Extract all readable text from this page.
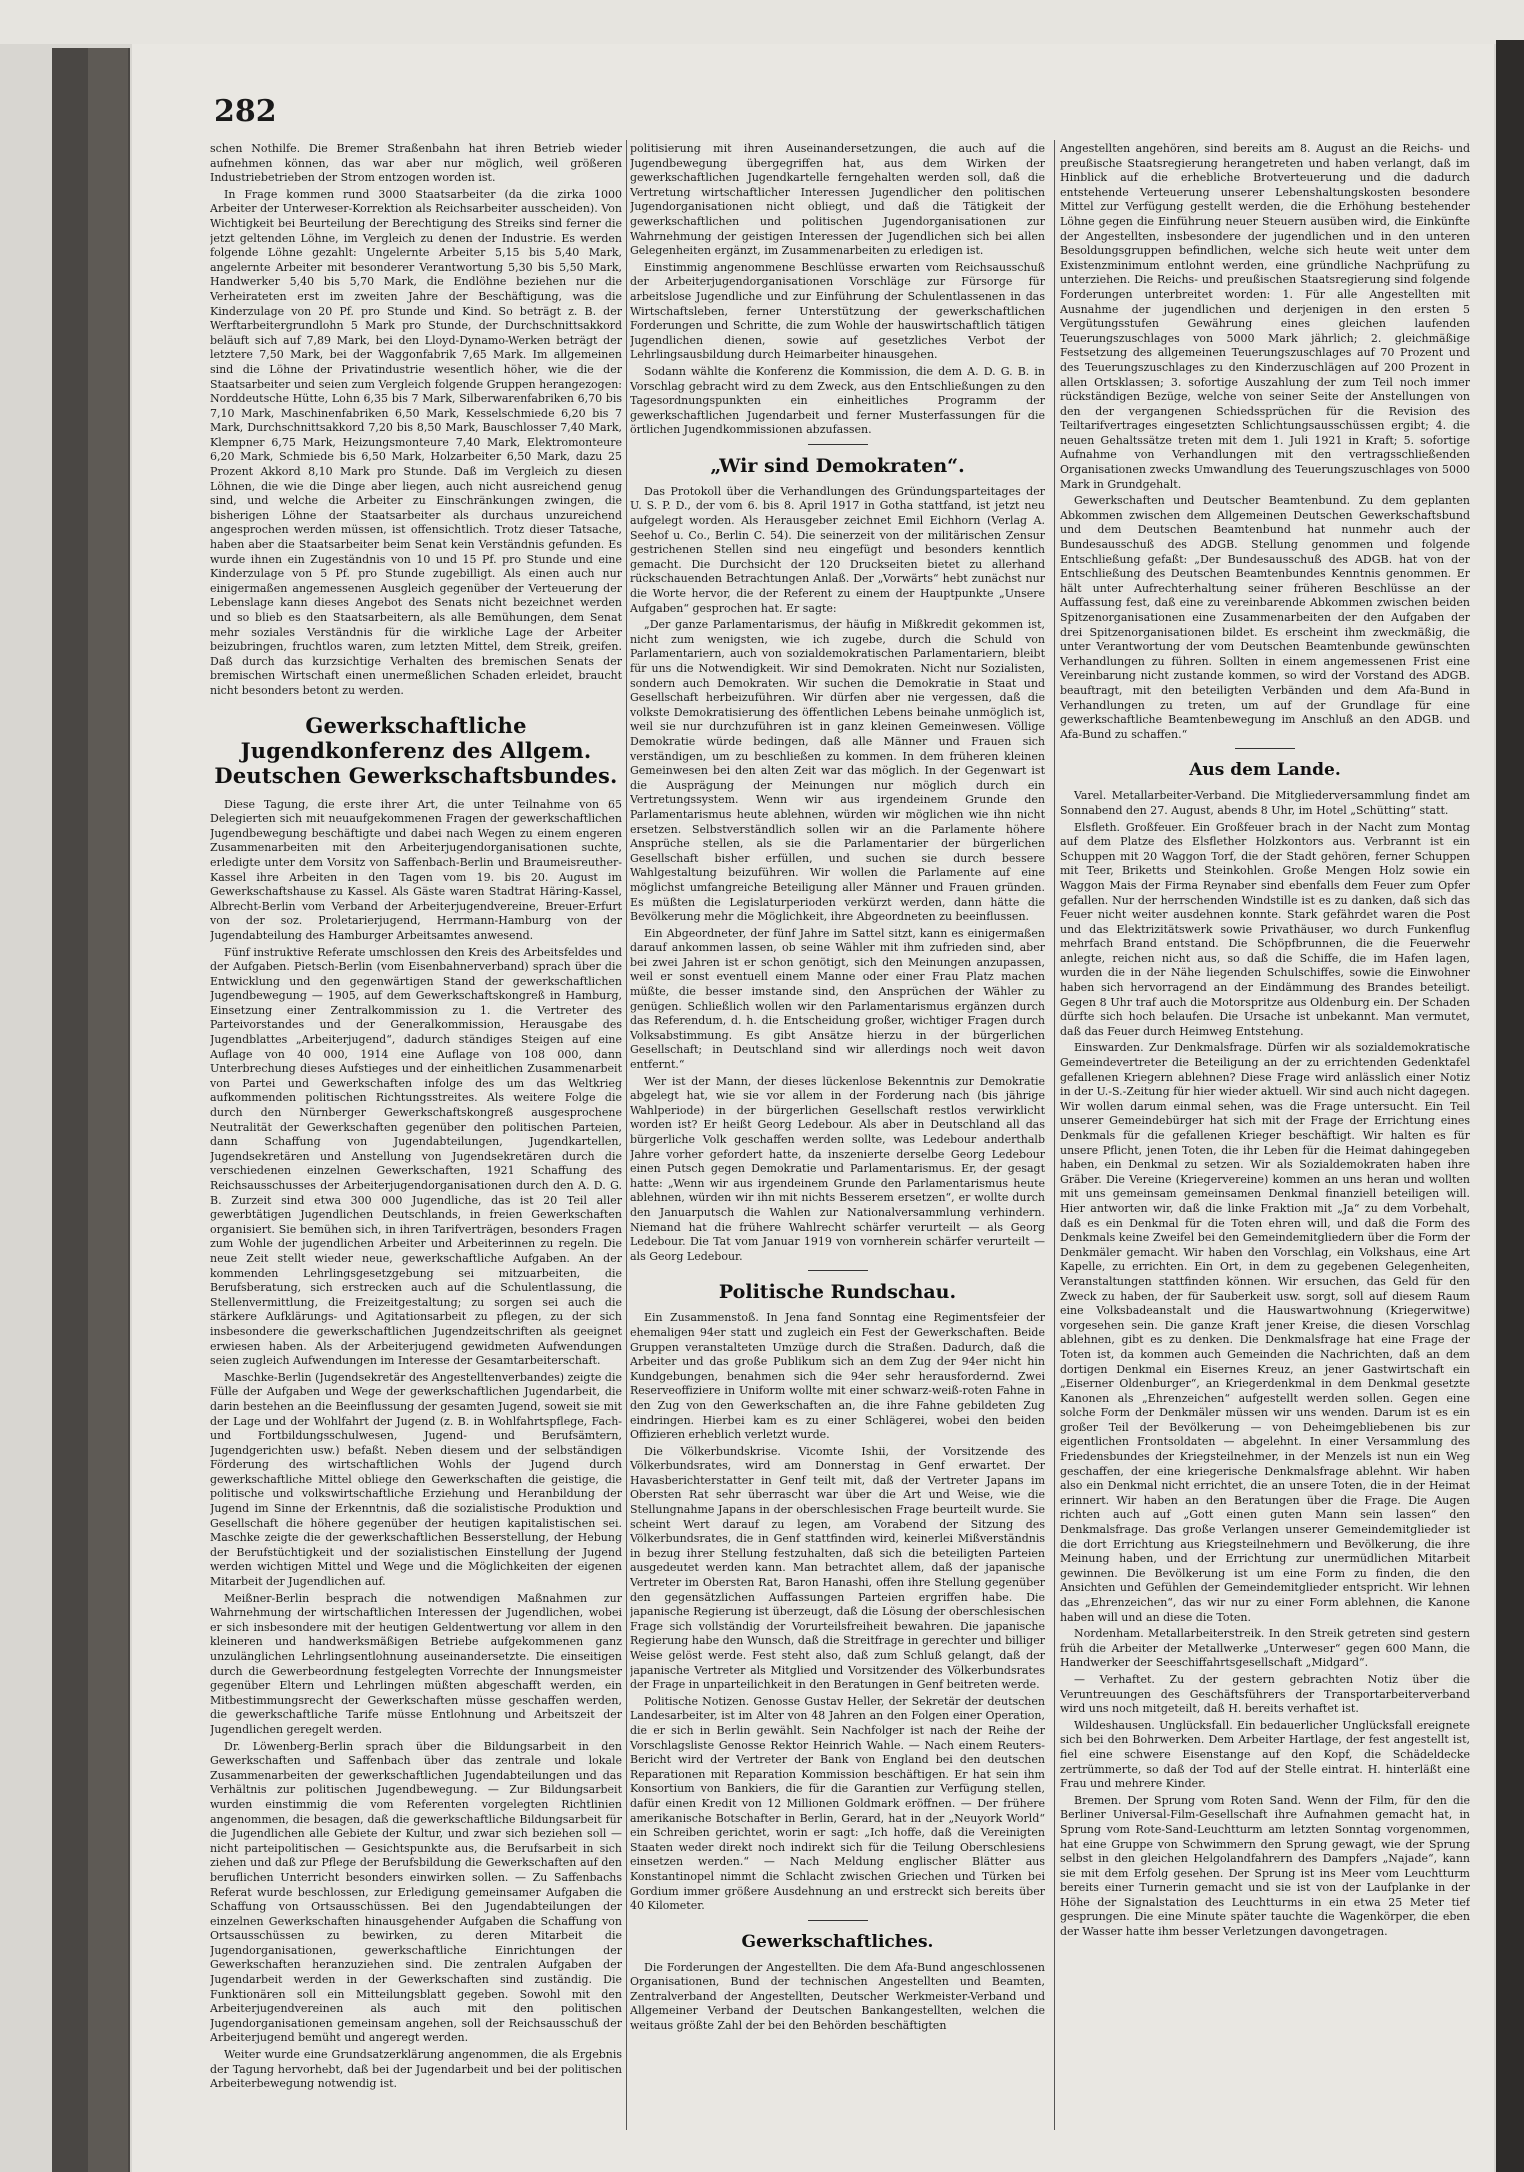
282

schen Nothilfe. Die Bremer Straßenbahn hat ihren Betrieb wieder aufnehmen können, das war aber nur möglich, weil größeren Industriebetrieben der Strom entzogen worden ist.

In Frage kommen rund 3000 Staatsarbeiter (da die zirka 1000 Arbeiter der Unterweser-Korrektion als Reichsarbeiter ausscheiden). Von Wichtigkeit bei Beurteilung der Berechtigung des Streiks sind ferner die jetzt geltenden Löhne, im Vergleich zu denen der Industrie. Es werden folgende Löhne gezahlt: Ungelernte Arbeiter 5,15 bis 5,40 Mark, angelernte Arbeiter mit besonderer Verantwortung 5,30 bis 5,50 Mark, Handwerker 5,40 bis 5,70 Mark, die Endlöhne beziehen nur die Verheirateten erst im zweiten Jahre der Beschäftigung, was die Kinderzulage von 20 Pf. pro Stunde und Kind. So beträgt z. B. der Werftarbeitergrundlohn 5 Mark pro Stunde, der Durchschnittsakkord beläuft sich auf 7,89 Mark, bei den Lloyd-Dynamo-Werken beträgt der letztere 7,50 Mark, bei der Waggonfabrik 7,65 Mark. Im allgemeinen sind die Löhne der Privatindustrie wesentlich höher, wie die der Staatsarbeiter und seien zum Vergleich folgende Gruppen herangezogen: Norddeutsche Hütte, Lohn 6,35 bis 7 Mark, Silberwarenfabriken 6,70 bis 7,10 Mark, Maschinenfabriken 6,50 Mark, Kesselschmiede 6,20 bis 7 Mark, Durchschnittsakkord 7,20 bis 8,50 Mark, Bauschlosser 7,40 Mark, Klempner 6,75 Mark, Heizungsmonteure 7,40 Mark, Elektromonteure 6,20 Mark, Schmiede bis 6,50 Mark, Holzarbeiter 6,50 Mark, dazu 25 Prozent Akkord 8,10 Mark pro Stunde. Daß im Vergleich zu diesen Löhnen, die wie die Dinge aber liegen, auch nicht ausreichend genug sind, und welche die Arbeiter zu Einschränkungen zwingen, die bisherigen Löhne der Staatsarbeiter als durchaus unzureichend angesprochen werden müssen, ist offensichtlich. Trotz dieser Tatsache, haben aber die Staatsarbeiter beim Senat kein Verständnis gefunden. Es wurde ihnen ein Zugeständnis von 10 und 15 Pf. pro Stunde und eine Kinderzulage von 5 Pf. pro Stunde zugebilligt. Als einen auch nur einigermaßen angemessenen Ausgleich gegenüber der Verteuerung der Lebenslage kann dieses Angebot des Senats nicht bezeichnet werden und so blieb es den Staatsarbeitern, als alle Bemühungen, dem Senat mehr soziales Verständnis für die wirkliche Lage der Arbeiter beizubringen, fruchtlos waren, zum letzten Mittel, dem Streik, greifen. Daß durch das kurzsichtige Verhalten des bremischen Senats der bremischen Wirtschaft einen unermeßlichen Schaden erleidet, braucht nicht besonders betont zu werden.

Gewerkschaftliche Jugendkonferenz des Allgem. Deutschen Gewerkschaftsbundes.

Diese Tagung, die erste ihrer Art, die unter Teilnahme von 65 Delegierten sich mit neuaufgekommenen Fragen der gewerkschaftlichen Jugendbewegung beschäftigte und dabei nach Wegen zu einem engeren Zusammenarbeiten mit den Arbeiterjugendorganisationen suchte, erledigte unter dem Vorsitz von Saffenbach-Berlin und Braumeisreuther-Kassel ihre Arbeiten in den Tagen vom 19. bis 20. August im Gewerkschaftshause zu Kassel. Als Gäste waren Stadtrat Häring-Kassel, Albrecht-Berlin vom Verband der Arbeiterjugendvereine, Breuer-Erfurt von der soz. Proletarierjugend, Herrmann-Hamburg von der Jugendabteilung des Hamburger Arbeitsamtes anwesend.

Fünf instruktive Referate umschlossen den Kreis des Arbeitsfeldes und der Aufgaben. Pietsch-Berlin (vom Eisenbahnerverband) sprach über die Entwicklung und den gegenwärtigen Stand der gewerkschaftlichen Jugendbewegung — 1905, auf dem Gewerkschaftskongreß in Hamburg, Einsetzung einer Zentralkommission zu 1. die Vertreter des Parteivorstandes und der Generalkommission, Herausgabe des Jugendblattes „Arbeiterjugend“, dadurch ständiges Steigen auf eine Auflage von 40 000, 1914 eine Auflage von 108 000, dann Unterbrechung dieses Aufstieges und der einheitlichen Zusammenarbeit von Partei und Gewerkschaften infolge des um das Weltkrieg aufkommenden politischen Richtungsstreites. Als weitere Folge die durch den Nürnberger Gewerkschaftskongreß ausgesprochene Neutralität der Gewerkschaften gegenüber den politischen Parteien, dann Schaffung von Jugendabteilungen, Jugendkartellen, Jugendsekretären und Anstellung von Jugendsekretären durch die verschiedenen einzelnen Gewerkschaften, 1921 Schaffung des Reichsausschusses der Arbeiterjugendorganisationen durch den A. D. G. B. Zurzeit sind etwa 300 000 Jugendliche, das ist 20 Teil aller gewerbtätigen Jugendlichen Deutschlands, in freien Gewerkschaften organisiert. Sie bemühen sich, in ihren Tarifverträgen, besonders Fragen zum Wohle der jugendlichen Arbeiter und Arbeiterinnen zu regeln. Die neue Zeit stellt wieder neue, gewerkschaftliche Aufgaben. An der kommenden Lehrlingsgesetzgebung sei mitzuarbeiten, die Berufsberatung, sich erstrecken auch auf die Schulentlassung, die Stellenvermittlung, die Freizeitgestaltung; zu sorgen sei auch die stärkere Aufklärungs- und Agitationsarbeit zu pflegen, zu der sich insbesondere die gewerkschaftlichen Jugendzeitschriften als geeignet erwiesen haben. Als der Arbeiterjugend gewidmeten Aufwendungen seien zugleich Aufwendungen im Interesse der Gesamtarbeiterschaft.

Maschke-Berlin (Jugendsekretär des Angestelltenverbandes) zeigte die Fülle der Aufgaben und Wege der gewerkschaftlichen Jugendarbeit, die darin bestehen an die Beeinflussung der gesamten Jugend, soweit sie mit der Lage und der Wohlfahrt der Jugend (z. B. in Wohlfahrtspflege, Fach- und Fortbildungsschulwesen, Jugend- und Berufsämtern, Jugendgerichten usw.) befaßt. Neben diesem und der selbständigen Förderung des wirtschaftlichen Wohls der Jugend durch gewerkschaftliche Mittel obliege den Gewerkschaften die geistige, die politische und volkswirtschaftliche Erziehung und Heranbildung der Jugend im Sinne der Erkenntnis, daß die sozialistische Produktion und Gesellschaft die höhere gegenüber der heutigen kapitalistischen sei. Maschke zeigte die der gewerkschaftlichen Besserstellung, der Hebung der Berufstüchtigkeit und der sozialistischen Einstellung der Jugend werden wichtigen Mittel und Wege und die Möglichkeiten der eigenen Mitarbeit der Jugendlichen auf.

Meißner-Berlin besprach die notwendigen Maßnahmen zur Wahrnehmung der wirtschaftlichen Interessen der Jugendlichen, wobei er sich insbesondere mit der heutigen Geldentwertung vor allem in den kleineren und handwerksmäßigen Betriebe aufgekommenen ganz unzulänglichen Lehrlingsentlohnung auseinandersetzte. Die einseitigen durch die Gewerbeordnung festgelegten Vorrechte der Innungsmeister gegenüber Eltern und Lehrlingen müßten abgeschafft werden, ein Mitbestimmungsrecht der Gewerkschaften müsse geschaffen werden, die gewerkschaftliche Tarife müsse Entlohnung und Arbeitszeit der Jugendlichen geregelt werden.

Dr. Löwenberg-Berlin sprach über die Bildungsarbeit in den Gewerkschaften und Saffenbach über das zentrale und lokale Zusammenarbeiten der gewerkschaftlichen Jugendabteilungen und das Verhältnis zur politischen Jugendbewegung. — Zur Bildungsarbeit wurden einstimmig die vom Referenten vorgelegten Richtlinien angenommen, die besagen, daß die gewerkschaftliche Bildungsarbeit für die Jugendlichen alle Gebiete der Kultur, und zwar sich beziehen soll — nicht parteipolitischen — Gesichtspunkte aus, die Berufsarbeit in sich ziehen und daß zur Pflege der Berufsbildung die Gewerkschaften auf den beruflichen Unterricht besonders einwirken sollen. — Zu Saffenbachs Referat wurde beschlossen, zur Erledigung gemeinsamer Aufgaben die Schaffung von Ortsausschüssen. Bei den Jugendabteilungen der einzelnen Gewerkschaften hinausgehender Aufgaben die Schaffung von Ortsausschüssen zu bewirken, zu deren Mitarbeit die Jugendorganisationen, gewerkschaftliche Einrichtungen der Gewerkschaften heranzuziehen sind. Die zentralen Aufgaben der Jugendarbeit werden in der Gewerkschaften sind zuständig. Die Funktionären soll ein Mitteilungsblatt gegeben. Sowohl mit den Arbeiterjugendvereinen als auch mit den politischen Jugendorganisationen gemeinsam angehen, soll der Reichsausschuß der Arbeiterjugend bemüht und angeregt werden.

Weiter wurde eine Grundsatzerklärung angenommen, die als Ergebnis der Tagung hervorhebt, daß bei der Jugendarbeit und bei der politischen Arbeiterbewegung notwendig ist.

politisierung mit ihren Auseinandersetzungen, die auch auf die Jugendbewegung übergegriffen hat, aus dem Wirken der gewerkschaftlichen Jugendkartelle ferngehalten werden soll, daß die Vertretung wirtschaftlicher Interessen Jugendlicher den politischen Jugendorganisationen nicht obliegt, und daß die Tätigkeit der gewerkschaftlichen und politischen Jugendorganisationen zur Wahrnehmung der geistigen Interessen der Jugendlichen sich bei allen Gelegenheiten ergänzt, im Zusammenarbeiten zu erledigen ist.

Einstimmig angenommene Beschlüsse erwarten vom Reichsausschuß der Arbeiterjugendorganisationen Vorschläge zur Fürsorge für arbeitslose Jugendliche und zur Einführung der Schulentlassenen in das Wirtschaftsleben, ferner Unterstützung der gewerkschaftlichen Forderungen und Schritte, die zum Wohle der hauswirtschaftlich tätigen Jugendlichen dienen, sowie auf gesetzliches Verbot der Lehrlingsausbildung durch Heimarbeiter hinausgehen.

Sodann wählte die Konferenz die Kommission, die dem A. D. G. B. in Vorschlag gebracht wird zu dem Zweck, aus den Entschließungen zu den Tagesordnungspunkten ein einheitliches Programm der gewerkschaftlichen Jugendarbeit und ferner Musterfassungen für die örtlichen Jugendkommissionen abzufassen.

„Wir sind Demokraten“.

Das Protokoll über die Verhandlungen des Gründungsparteitages der U. S. P. D., der vom 6. bis 8. April 1917 in Gotha stattfand, ist jetzt neu aufgelegt worden. Als Herausgeber zeichnet Emil Eichhorn (Verlag A. Seehof u. Co., Berlin C. 54). Die seinerzeit von der militärischen Zensur gestrichenen Stellen sind neu eingefügt und besonders kenntlich gemacht. Die Durchsicht der 120 Druckseiten bietet zu allerhand rückschauenden Betrachtungen Anlaß. Der „Vorwärts“ hebt zunächst nur die Worte hervor, die der Referent zu einem der Hauptpunkte „Unsere Aufgaben“ gesprochen hat. Er sagte:

„Der ganze Parlamentarismus, der häufig in Mißkredit gekommen ist, nicht zum wenigsten, wie ich zugebe, durch die Schuld von Parlamentariern, auch von sozialdemokratischen Parlamentariern, bleibt für uns die Notwendigkeit. Wir sind Demokraten. Nicht nur Sozialisten, sondern auch Demokraten. Wir suchen die Demokratie in Staat und Gesellschaft herbeizuführen. Wir dürfen aber nie vergessen, daß die volkste Demokratisierung des öffentlichen Lebens beinahe unmöglich ist, weil sie nur durchzuführen ist in ganz kleinen Gemeinwesen. Völlige Demokratie würde bedingen, daß alle Männer und Frauen sich verständigen, um zu beschließen zu kommen. In dem früheren kleinen Gemeinwesen bei den alten Zeit war das möglich. In der Gegenwart ist die Ausprägung der Meinungen nur möglich durch ein Vertretungssystem. Wenn wir aus irgendeinem Grunde den Parlamentarismus heute ablehnen, würden wir möglichen wie ihn nicht ersetzen. Selbstverständlich sollen wir an die Parlamente höhere Ansprüche stellen, als sie die Parlamentarier der bürgerlichen Gesellschaft bisher erfüllen, und suchen sie durch bessere Wahlgestaltung beizuführen. Wir wollen die Parlamente auf eine möglichst umfangreiche Beteiligung aller Männer und Frauen gründen. Es müßten die Legislaturperioden verkürzt werden, dann hätte die Bevölkerung mehr die Möglichkeit, ihre Abgeordneten zu beeinflussen.

Ein Abgeordneter, der fünf Jahre im Sattel sitzt, kann es einigermaßen darauf ankommen lassen, ob seine Wähler mit ihm zufrieden sind, aber bei zwei Jahren ist er schon genötigt, sich den Meinungen anzupassen, weil er sonst eventuell einem Manne oder einer Frau Platz machen müßte, die besser imstande sind, den Ansprüchen der Wähler zu genügen. Schließlich wollen wir den Parlamentarismus ergänzen durch das Referendum, d. h. die Entscheidung großer, wichtiger Fragen durch Volksabstimmung. Es gibt Ansätze hierzu in der bürgerlichen Gesellschaft; in Deutschland sind wir allerdings noch weit davon entfernt.“

Wer ist der Mann, der dieses lückenlose Bekenntnis zur Demokratie abgelegt hat, wie sie vor allem in der Forderung nach (bis jährige Wahlperiode) in der bürgerlichen Gesellschaft restlos verwirklicht worden ist? Er heißt Georg Ledebour. Als aber in Deutschland all das bürgerliche Volk geschaffen werden sollte, was Ledebour anderthalb Jahre vorher gefordert hatte, da inszenierte derselbe Georg Ledebour einen Putsch gegen Demokratie und Parlamentarismus. Er, der gesagt hatte: „Wenn wir aus irgendeinem Grunde den Parlamentarismus heute ablehnen, würden wir ihn mit nichts Besserem ersetzen“, er wollte durch den Januarputsch die Wahlen zur Nationalversammlung verhindern. Niemand hat die frühere Wahlrecht schärfer verurteilt — als Georg Ledebour. Die Tat vom Januar 1919 von vornherein schärfer verurteilt — als Georg Ledebour.

Politische Rundschau.

Ein Zusammenstoß. In Jena fand Sonntag eine Regimentsfeier der ehemaligen 94er statt und zugleich ein Fest der Gewerkschaften. Beide Gruppen veranstalteten Umzüge durch die Straßen. Dadurch, daß die Arbeiter und das große Publikum sich an dem Zug der 94er nicht hin Kundgebungen, benahmen sich die 94er sehr herausfordernd. Zwei Reserveoffiziere in Uniform wollte mit einer schwarz-weiß-roten Fahne in den Zug von den Gewerkschaften an, die ihre Fahne gebildeten Zug eindringen. Hierbei kam es zu einer Schlägerei, wobei den beiden Offizieren erheblich verletzt wurde.

Die Völkerbundskrise. Vicomte Ishii, der Vorsitzende des Völkerbundsrates, wird am Donnerstag in Genf erwartet. Der Havasberichterstatter in Genf teilt mit, daß der Vertreter Japans im Obersten Rat sehr überrascht war über die Art und Weise, wie die Stellungnahme Japans in der oberschlesischen Frage beurteilt wurde. Sie scheint Wert darauf zu legen, am Vorabend der Sitzung des Völkerbundsrates, die in Genf stattfinden wird, keinerlei Mißverständnis in bezug ihrer Stellung festzuhalten, daß sich die beteiligten Parteien ausgedeutet werden kann. Man betrachtet allem, daß der japanische Vertreter im Obersten Rat, Baron Hanashi, offen ihre Stellung gegenüber den gegensätzlichen Auffassungen Parteien ergriffen habe. Die japanische Regierung ist überzeugt, daß die Lösung der oberschlesischen Frage sich vollständig der Vorurteilsfreiheit bewahren. Die japanische Regierung habe den Wunsch, daß die Streitfrage in gerechter und billiger Weise gelöst werde. Fest steht also, daß zum Schluß gelangt, daß der japanische Vertreter als Mitglied und Vorsitzender des Völkerbundsrates der Frage in unparteilichkeit in den Beratungen in Genf beitreten werde.

Politische Notizen. Genosse Gustav Heller, der Sekretär der deutschen Landesarbeiter, ist im Alter von 48 Jahren an den Folgen einer Operation, die er sich in Berlin gewählt. Sein Nachfolger ist nach der Reihe der Vorschlagsliste Genosse Rektor Heinrich Wahle. — Nach einem Reuters-Bericht wird der Vertreter der Bank von England bei den deutschen Reparationen mit Reparation Kommission beschäftigen. Er hat sein ihm Konsortium von Bankiers, die für die Garantien zur Verfügung stellen, dafür einen Kredit von 12 Millionen Goldmark eröffnen. — Der frühere amerikanische Botschafter in Berlin, Gerard, hat in der „Neuyork World“ ein Schreiben gerichtet, worin er sagt: „Ich hoffe, daß die Vereinigten Staaten weder direkt noch indirekt sich für die Teilung Oberschlesiens einsetzen werden.“ — Nach Meldung englischer Blätter aus Konstantinopel nimmt die Schlacht zwischen Griechen und Türken bei Gordium immer größere Ausdehnung an und erstreckt sich bereits über 40 Kilometer.

Gewerkschaftliches.

Die Forderungen der Angestellten. Die dem Afa-Bund angeschlossenen Organisationen, Bund der technischen Angestellten und Beamten, Zentralverband der Angestellten, Deutscher Werkmeister-Verband und Allgemeiner Verband der Deutschen Bankangestellten, welchen die weitaus größte Zahl der bei den Behörden beschäftigten

Angestellten angehören, sind bereits am 8. August an die Reichs- und preußische Staatsregierung herangetreten und haben verlangt, daß im Hinblick auf die erhebliche Brotverteuerung und die dadurch entstehende Verteuerung unserer Lebenshaltungskosten besondere Mittel zur Verfügung gestellt werden, die die Erhöhung bestehender Löhne gegen die Einführung neuer Steuern ausüben wird, die Einkünfte der Angestellten, insbesondere der jugendlichen und in den unteren Besoldungsgruppen befindlichen, welche sich heute weit unter dem Existenzminimum entlohnt werden, eine gründliche Nachprüfung zu unterziehen. Die Reichs- und preußischen Staatsregierung sind folgende Forderungen unterbreitet worden: 1. Für alle Angestellten mit Ausnahme der jugendlichen und derjenigen in den ersten 5 Vergütungsstufen Gewährung eines gleichen laufenden Teuerungszuschlages von 5000 Mark jährlich; 2. gleichmäßige Festsetzung des allgemeinen Teuerungszuschlages auf 70 Prozent und des Teuerungszuschlages zu den Kinderzuschlägen auf 200 Prozent in allen Ortsklassen; 3. sofortige Auszahlung der zum Teil noch immer rückständigen Bezüge, welche von seiner Seite der Anstellungen von den der vergangenen Schiedssprüchen für die Revision des Teiltarifvertrages eingesetzten Schlichtungsausschüssen ergibt; 4. die neuen Gehaltssätze treten mit dem 1. Juli 1921 in Kraft; 5. sofortige Aufnahme von Verhandlungen mit den vertragsschließenden Organisationen zwecks Umwandlung des Teuerungszuschlages von 5000 Mark in Grundgehalt.

Gewerkschaften und Deutscher Beamtenbund. Zu dem geplanten Abkommen zwischen dem Allgemeinen Deutschen Gewerkschaftsbund und dem Deutschen Beamtenbund hat nunmehr auch der Bundesausschuß des ADGB. Stellung genommen und folgende Entschließung gefaßt: „Der Bundesausschuß des ADGB. hat von der Entschließung des Deutschen Beamtenbundes Kenntnis genommen. Er hält unter Aufrechterhaltung seiner früheren Beschlüsse an der Auffassung fest, daß eine zu vereinbarende Abkommen zwischen beiden Spitzenorganisationen eine Zusammenarbeiten der den Aufgaben der drei Spitzenorganisationen bildet. Es erscheint ihm zweckmäßig, die unter Verantwortung der vom Deutschen Beamtenbunde gewünschten Verhandlungen zu führen. Sollten in einem angemessenen Frist eine Vereinbarung nicht zustande kommen, so wird der Vorstand des ADGB. beauftragt, mit den beteiligten Verbänden und dem Afa-Bund in Verhandlungen zu treten, um auf der Grundlage für eine gewerkschaftliche Beamtenbewegung im Anschluß an den ADGB. und Afa-Bund zu schaffen.“

Aus dem Lande.

Varel. Metallarbeiter-Verband. Die Mitgliederversammlung findet am Sonnabend den 27. August, abends 8 Uhr, im Hotel „Schütting“ statt.

Elsfleth. Großfeuer. Ein Großfeuer brach in der Nacht zum Montag auf dem Platze des Elsflether Holzkontors aus. Verbrannt ist ein Schuppen mit 20 Waggon Torf, die der Stadt gehören, ferner Schuppen mit Teer, Briketts und Steinkohlen. Große Mengen Holz sowie ein Waggon Mais der Firma Reynaber sind ebenfalls dem Feuer zum Opfer gefallen. Nur der herrschenden Windstille ist es zu danken, daß sich das Feuer nicht weiter ausdehnen konnte. Stark gefährdet waren die Post und das Elektrizitätswerk sowie Privathäuser, wo durch Funkenflug mehrfach Brand entstand. Die Schöpfbrunnen, die die Feuerwehr anlegte, reichen nicht aus, so daß die Schiffe, die im Hafen lagen, wurden die in der Nähe liegenden Schulschiffes, sowie die Einwohner haben sich hervorragend an der Eindämmung des Brandes beteiligt. Gegen 8 Uhr traf auch die Motorspritze aus Oldenburg ein. Der Schaden dürfte sich hoch belaufen. Die Ursache ist unbekannt. Man vermutet, daß das Feuer durch Heimweg Entstehung.

Einswarden. Zur Denkmalsfrage. Dürfen wir als sozialdemokratische Gemeindevertreter die Beteiligung an der zu errichtenden Gedenktafel gefallenen Kriegern ablehnen? Diese Frage wird anlässlich einer Notiz in der U.-S.-Zeitung für hier wieder aktuell. Wir sind auch nicht dagegen. Wir wollen darum einmal sehen, was die Frage untersucht. Ein Teil unserer Gemeindebürger hat sich mit der Frage der Errichtung eines Denkmals für die gefallenen Krieger beschäftigt. Wir halten es für unsere Pflicht, jenen Toten, die ihr Leben für die Heimat dahingegeben haben, ein Denkmal zu setzen. Wir als Sozialdemokraten haben ihre Gräber. Die Vereine (Kriegervereine) kommen an uns heran und wollten mit uns gemeinsam gemeinsamen Denkmal finanziell beteiligen will. Hier antworten wir, daß die linke Fraktion mit „Ja“ zu dem Vorbehalt, daß es ein Denkmal für die Toten ehren will, und daß die Form des Denkmals keine Zweifel bei den Gemeindemitgliedern über die Form der Denkmäler gemacht. Wir haben den Vorschlag, ein Volkshaus, eine Art Kapelle, zu errichten. Ein Ort, in dem zu gegebenen Gelegenheiten, Veranstaltungen stattfinden können. Wir ersuchen, das Geld für den Zweck zu haben, der für Sauberkeit usw. sorgt, soll auf diesem Raum eine Volksbadeanstalt und die Hauswartwohnung (Kriegerwitwe) vorgesehen sein. Die ganze Kraft jener Kreise, die diesen Vorschlag ablehnen, gibt es zu denken. Die Denkmalsfrage hat eine Frage der Toten ist, da kommen auch Gemeinden die Nachrichten, daß an dem dortigen Denkmal ein Eisernes Kreuz, an jener Gastwirtschaft ein „Eiserner Oldenburger“, an Kriegerdenkmal in dem Denkmal gesetzte Kanonen als „Ehrenzeichen“ aufgestellt werden sollen. Gegen eine solche Form der Denkmäler müssen wir uns wenden. Darum ist es ein großer Teil der Bevölkerung — von Deheimgebliebenen bis zur eigentlichen Frontsoldaten — abgelehnt. In einer Versammlung des Friedensbundes der Kriegsteilnehmer, in der Menzels ist nun ein Weg geschaffen, der eine kriegerische Denkmalsfrage ablehnt. Wir haben also ein Denkmal nicht errichtet, die an unsere Toten, die in der Heimat erinnert. Wir haben an den Beratungen über die Frage. Die Augen richten auch auf „Gott einen guten Mann sein lassen“ den Denkmalsfrage. Das große Verlangen unserer Gemeindemitglieder ist die dort Errichtung aus Kriegsteilnehmern und Bevölkerung, die ihre Meinung haben, und der Errichtung zur unermüdlichen Mitarbeit gewinnen. Die Bevölkerung ist um eine Form zu finden, die den Ansichten und Gefühlen der Gemeindemitglieder entspricht. Wir lehnen das „Ehrenzeichen“, das wir nur zu einer Form ablehnen, die Kanone haben will und an diese die Toten.

Nordenham. Metallarbeiterstreik. In den Streik getreten sind gestern früh die Arbeiter der Metallwerke „Unterweser“ gegen 600 Mann, die Handwerker der Seeschiffahrtsgesellschaft „Midgard“.

— Verhaftet. Zu der gestern gebrachten Notiz über die Veruntreuungen des Geschäftsführers der Transportarbeiterverband wird uns noch mitgeteilt, daß H. bereits verhaftet ist.

Wildeshausen. Unglücksfall. Ein bedauerlicher Unglücksfall ereignete sich bei den Bohrwerken. Dem Arbeiter Hartlage, der fest angestellt ist, fiel eine schwere Eisenstange auf den Kopf, die Schädeldecke zertrümmerte, so daß der Tod auf der Stelle eintrat. H. hinterläßt eine Frau und mehrere Kinder.

Bremen. Der Sprung vom Roten Sand. Wenn der Film, für den die Berliner Universal-Film-Gesellschaft ihre Aufnahmen gemacht hat, in Sprung vom Rote-Sand-Leuchtturm am letzten Sonntag vorgenommen, hat eine Gruppe von Schwimmern den Sprung gewagt, wie der Sprung selbst in den gleichen Helgolandfahrern des Dampfers „Najade“, kann sie mit dem Erfolg gesehen. Der Sprung ist ins Meer vom Leuchtturm bereits einer Turnerin gemacht und sie ist von der Laufplanke in der Höhe der Signalstation des Leuchtturms in ein etwa 25 Meter tief gesprungen. Die eine Minute später tauchte die Wagenkörper, die eben der Wasser hatte ihm besser Verletzungen davongetragen.
